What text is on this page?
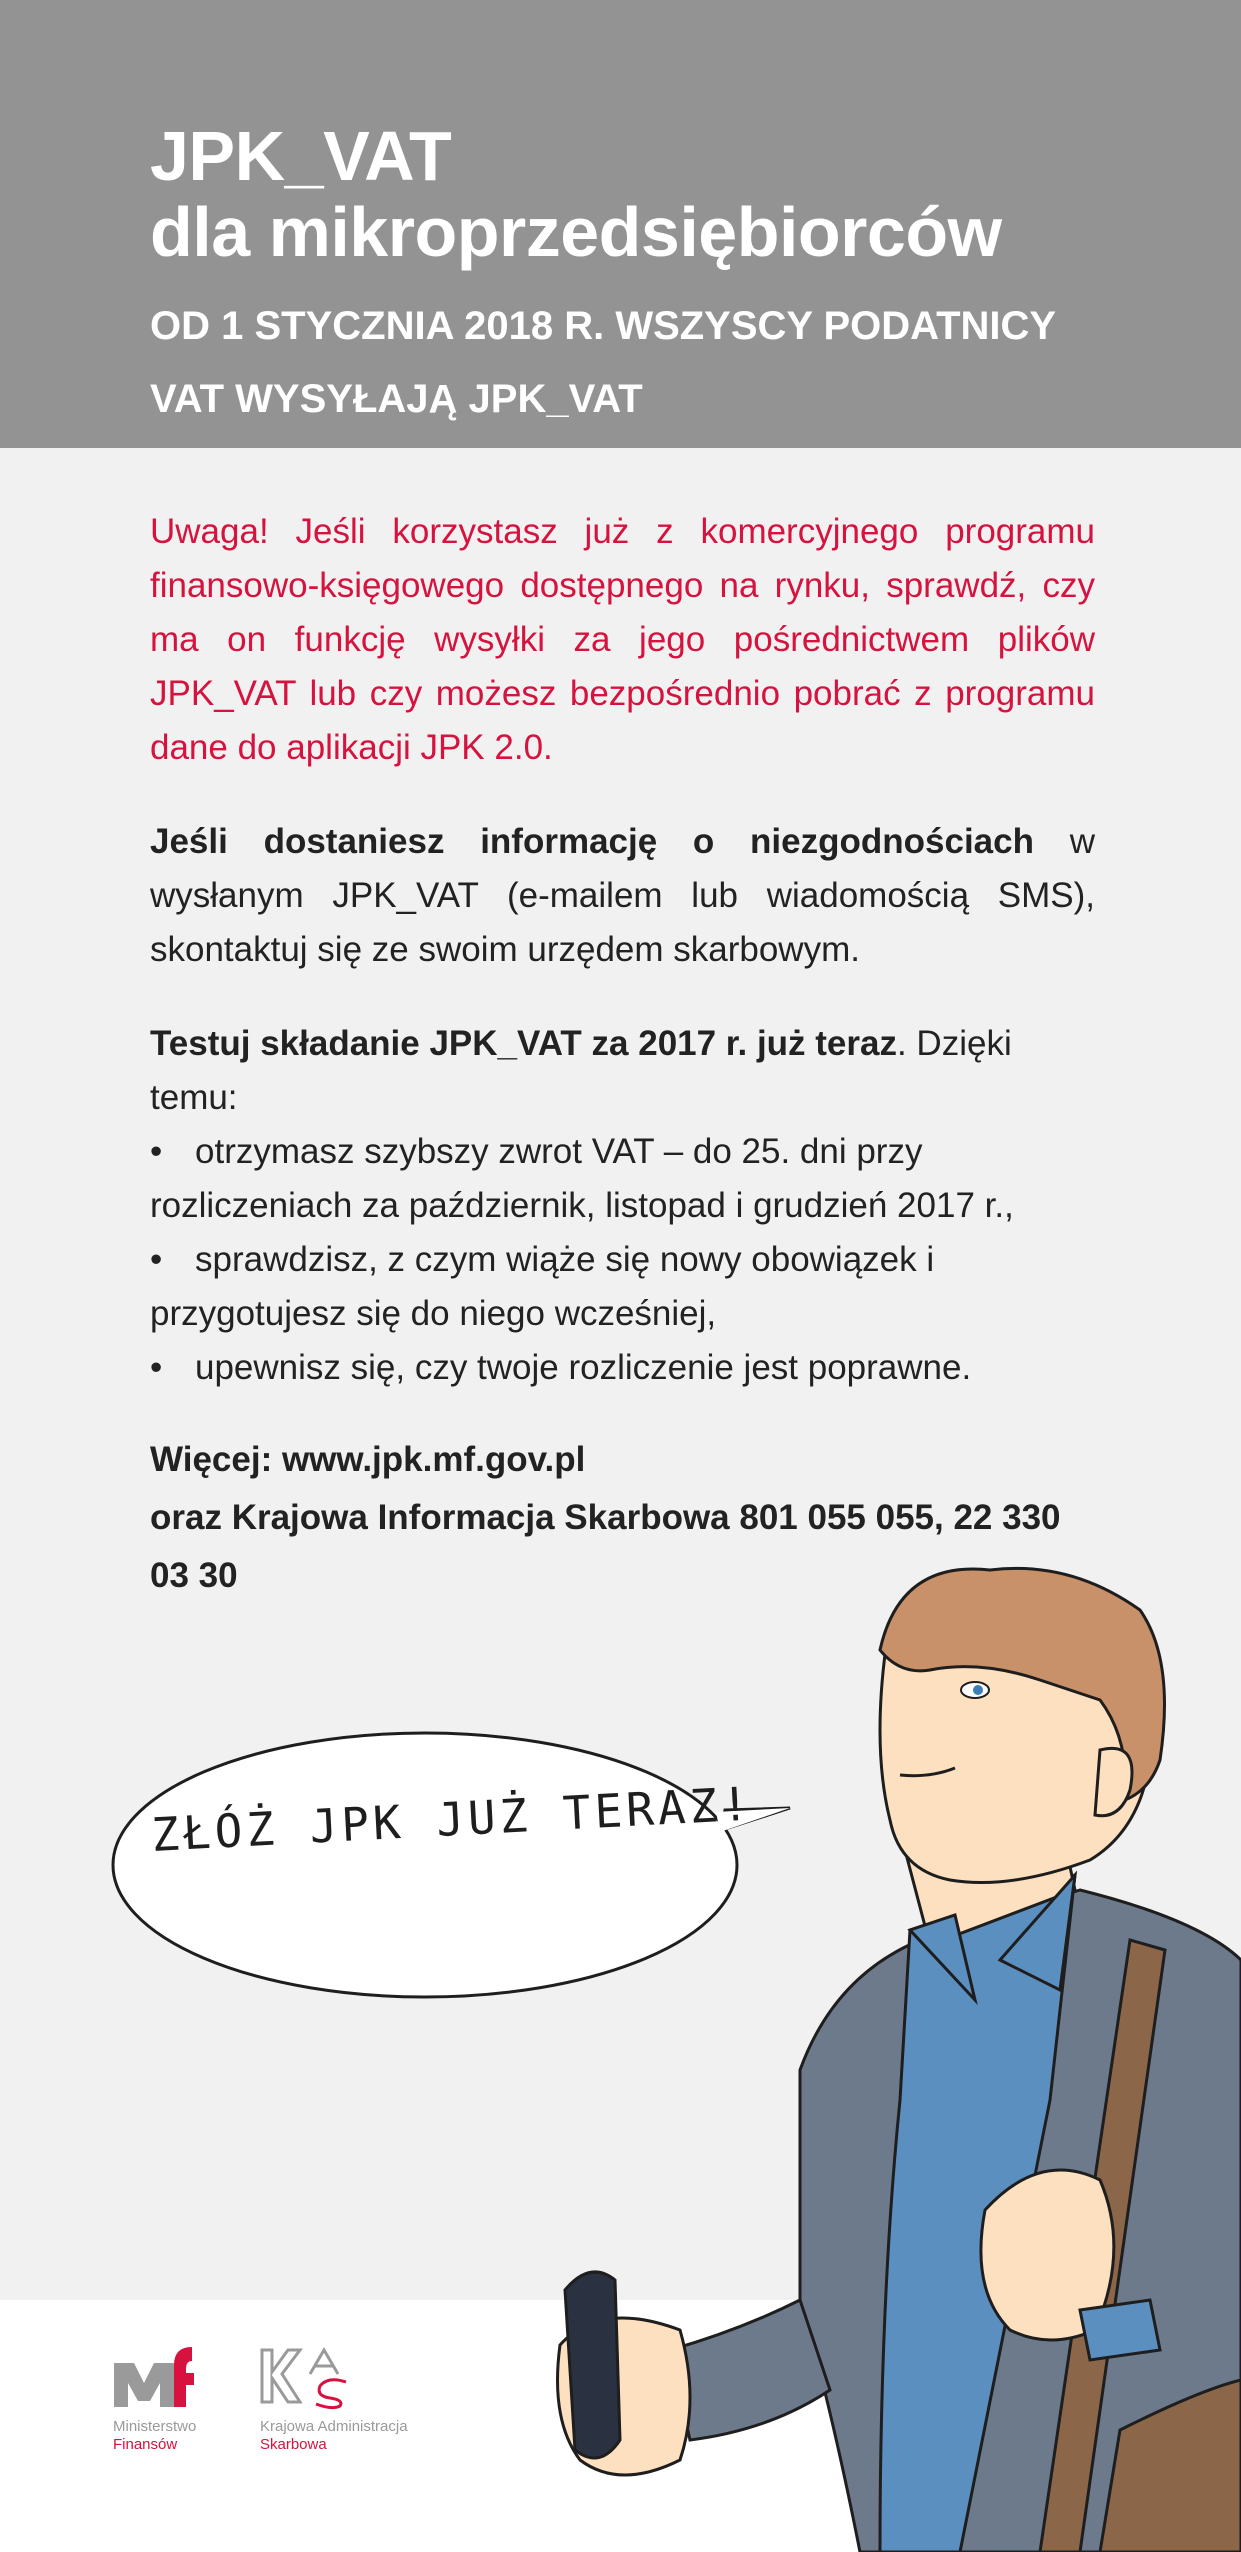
JPK_VAT
dla mikroprzedsiębiorców

OD 1 STYCZNIA 2018 R. WSZYSCY PODATNICY
VAT WYSYŁAJĄ JPK_VAT

Uwaga! Jeśli korzystasz już z komercyjnego programu finansowo-księgowego dostępnego na rynku, sprawdź, czy ma on funkcję wysyłki za jego pośrednictwem plików JPK_VAT lub czy możesz bezpośrednio pobrać z programu dane do aplikacji JPK 2.0.

Jeśli dostaniesz informację o niezgodnościach w wysłanym JPK_VAT (e-mailem lub wiadomością SMS), skontaktuj się ze swoim urzędem skarbowym.

Testuj składanie JPK_VAT za 2017 r. już teraz. Dzięki temu:

• otrzymasz szybszy zwrot VAT – do 25. dni przy rozliczeniach za październik, listopad i grudzień 2017 r.,
• sprawdzisz, z czym wiąże się nowy obowiązek i przygotujesz się do niego wcześniej,
• upewnisz się, czy twoje rozliczenie jest poprawne.

Więcej: www.jpk.mf.gov.pl
oraz Krajowa Informacja Skarbowa 801 055 055, 22 330 03 30

ZŁÓŻ JPK JUŻ TERAZ!
Ministerstwo
Finansów
Krajowa Administracja
Skarbowa
